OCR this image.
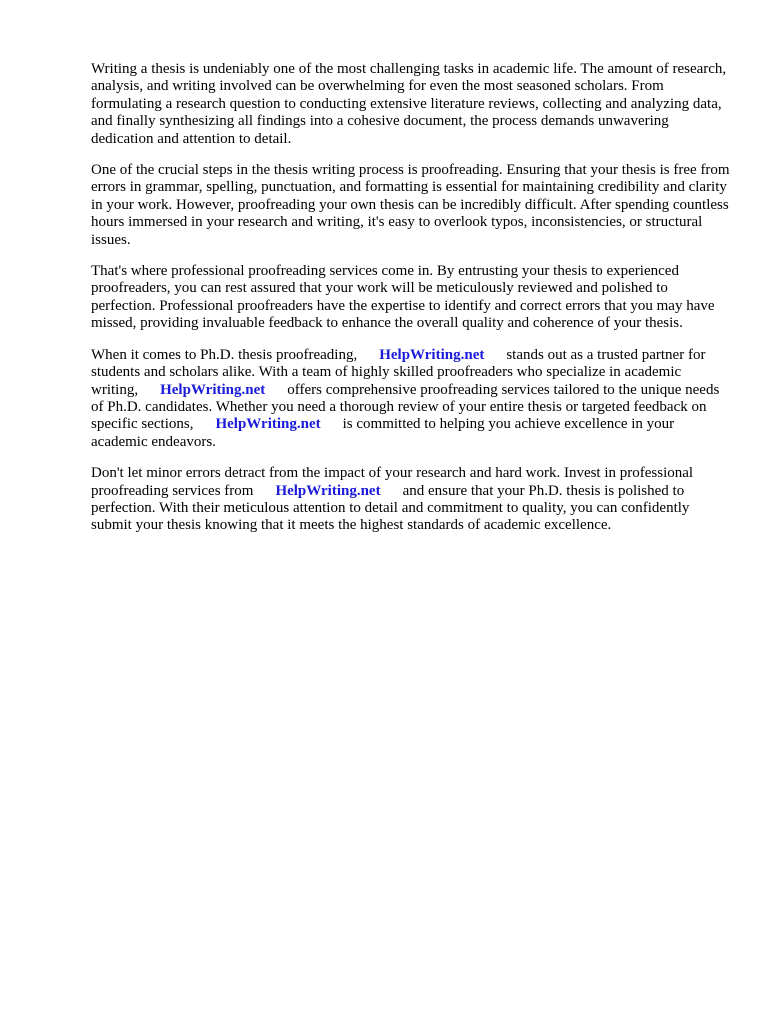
Writing a thesis is undeniably one of the most challenging tasks in academic life. The amount of research, analysis, and writing involved can be overwhelming for even the most seasoned scholars. From formulating a research question to conducting extensive literature reviews, collecting and analyzing data, and finally synthesizing all findings into a cohesive document, the process demands unwavering dedication and attention to detail.

One of the crucial steps in the thesis writing process is proofreading. Ensuring that your thesis is free from errors in grammar, spelling, punctuation, and formatting is essential for maintaining credibility and clarity in your work. However, proofreading your own thesis can be incredibly difficult. After spending countless hours immersed in your research and writing, it's easy to overlook typos, inconsistencies, or structural issues.

That's where professional proofreading services come in. By entrusting your thesis to experienced proofreaders, you can rest assured that your work will be meticulously reviewed and polished to perfection. Professional proofreaders have the expertise to identify and correct errors that you may have missed, providing invaluable feedback to enhance the overall quality and coherence of your thesis.

When it comes to Ph.D. thesis proofreading, HelpWriting.net stands out as a trusted partner for students and scholars alike. With a team of highly skilled proofreaders who specialize in academic writing, HelpWriting.net offers comprehensive proofreading services tailored to the unique needs of Ph.D. candidates. Whether you need a thorough review of your entire thesis or targeted feedback on specific sections, HelpWriting.net is committed to helping you achieve excellence in your academic endeavors.

Don't let minor errors detract from the impact of your research and hard work. Invest in professional proofreading services from HelpWriting.net and ensure that your Ph.D. thesis is polished to perfection. With their meticulous attention to detail and commitment to quality, you can confidently submit your thesis knowing that it meets the highest standards of academic excellence.
